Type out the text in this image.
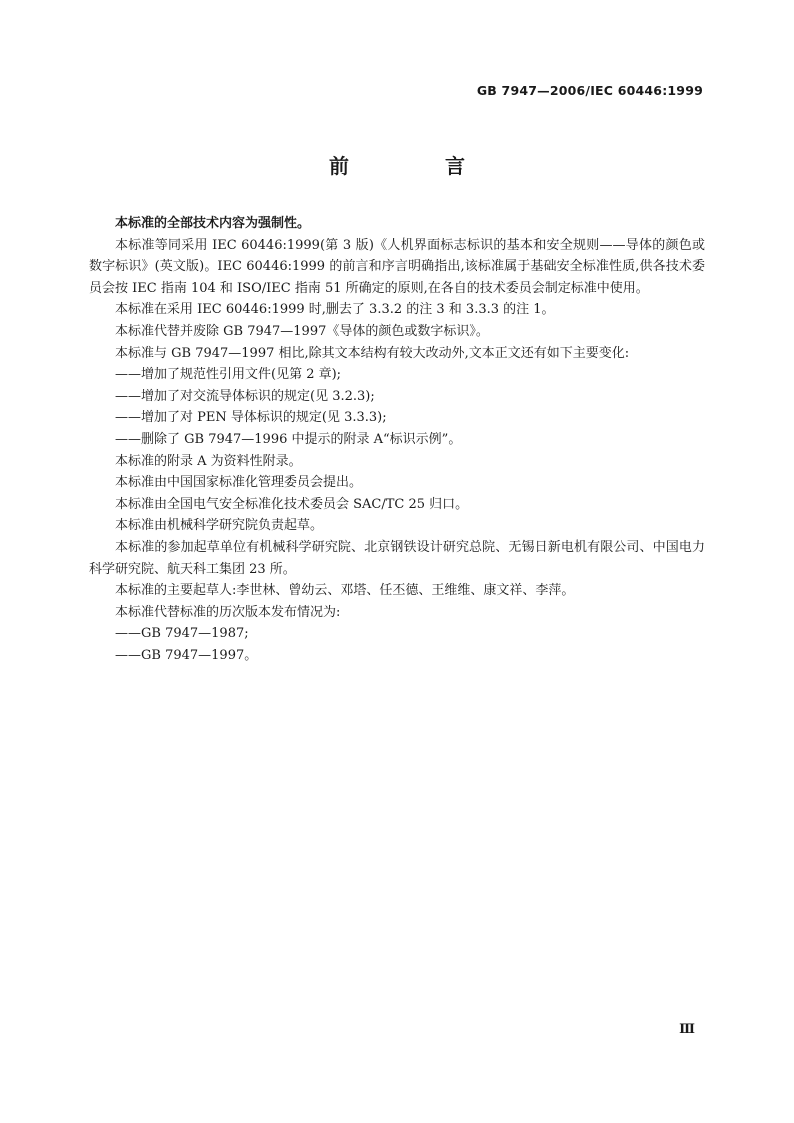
GB 7947—2006/IEC 60446:1999
前　言

本标准的全部技术内容为强制性。

本标准等同采用 IEC 60446:1999(第 3 版)《人机界面标志标识的基本和安全规则——导体的颜色或数字标识》(英文版)。IEC 60446:1999 的前言和序言明确指出,该标准属于基础安全标准性质,供各技术委员会按 IEC 指南 104 和 ISO/IEC 指南 51 所确定的原则,在各自的技术委员会制定标准中使用。

本标准在采用 IEC 60446:1999 时,删去了 3.3.2 的注 3 和 3.3.3 的注 1。

本标准代替并废除 GB 7947—1997《导体的颜色或数字标识》。

本标准与 GB 7947—1997 相比,除其文本结构有较大改动外,文本正文还有如下主要变化:

——增加了规范性引用文件(见第 2 章);

——增加了对交流导体标识的规定(见 3.2.3);

——增加了对 PEN 导体标识的规定(见 3.3.3);

——删除了 GB 7947—1996 中提示的附录 A“标识示例”。

本标准的附录 A 为资料性附录。

本标准由中国国家标准化管理委员会提出。

本标准由全国电气安全标准化技术委员会 SAC/TC 25 归口。

本标准由机械科学研究院负责起草。

本标准的参加起草单位有机械科学研究院、北京钢铁设计研究总院、无锡日新电机有限公司、中国电力科学研究院、航天科工集团 23 所。

本标准的主要起草人:李世林、曾幼云、邓塔、任丕德、王维维、康文祥、李萍。

本标准代替标准的历次版本发布情况为:

——GB 7947—1987;

——GB 7947—1997。

Ⅲ
